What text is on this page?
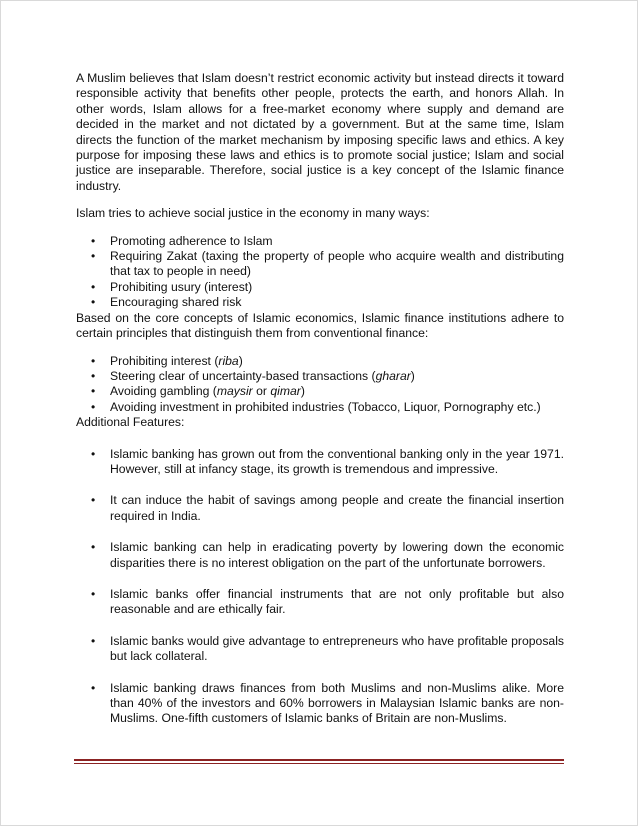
A Muslim believes that Islam doesn’t restrict economic activity but instead directs it toward responsible activity that benefits other people, protects the earth, and honors Allah. In other words, Islam allows for a free-market economy where supply and demand are decided in the market and not dictated by a government. But at the same time, Islam directs the function of the market mechanism by imposing specific laws and ethics. A key purpose for imposing these laws and ethics is to promote social justice; Islam and social justice are inseparable. Therefore, social justice is a key concept of the Islamic finance industry.

Islam tries to achieve social justice in the economy in many ways:

• Promoting adherence to Islam
• Requiring Zakat (taxing the property of people who acquire wealth and distributing that tax to people in need)
• Prohibiting usury (interest)
• Encouraging shared risk

Based on the core concepts of Islamic economics, Islamic finance institutions adhere to certain principles that distinguish them from conventional finance:

• Prohibiting interest (riba)
• Steering clear of uncertainty-based transactions (gharar)
• Avoiding gambling (maysir or qimar)
• Avoiding investment in prohibited industries (Tobacco, Liquor, Pornography etc.)

Additional Features:

• Islamic banking has grown out from the conventional banking only in the year 1971. However, still at infancy stage, its growth is tremendous and impressive.
• It can induce the habit of savings among people and create the financial insertion required in India.
• Islamic banking can help in eradicating poverty by lowering down the economic disparities there is no interest obligation on the part of the unfortunate borrowers.
• Islamic banks offer financial instruments that are not only profitable but also reasonable and are ethically fair.
• Islamic banks would give advantage to entrepreneurs who have profitable proposals but lack collateral.
• Islamic banking draws finances from both Muslims and non-Muslims alike. More than 40% of the investors and 60% borrowers in Malaysian Islamic banks are non-Muslims. One-fifth customers of Islamic banks of Britain are non-Muslims.
